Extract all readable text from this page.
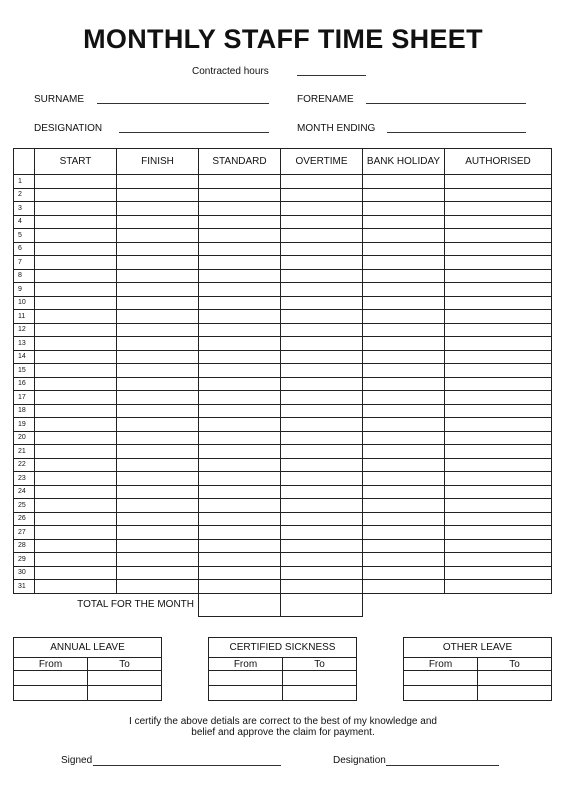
MONTHLY STAFF TIME SHEET
Contracted hours
SURNAME	FORENAME
DESIGNATION	MONTH ENDING
	START	FINISH	STANDARD	OVERTIME	BANK HOLIDAY	AUTHORISED
1						
2						
3						
4						
5						
6						
7						
8						
9						
10						
11						
12						
13						
14						
15						
16						
17						
18						
19						
20						
21						
22						
23						
24						
25						
26						
27						
28						
29						
30						
31						
TOTAL FOR THE MONTH						
ANNUAL LEAVE	
From	To

CERTIFIED SICKNESS	
From	To

OTHER LEAVE	
From	To

I certify the above detials are correct to the best of my knowledge and
belief and approve the claim for payment.
Signed	Designation
